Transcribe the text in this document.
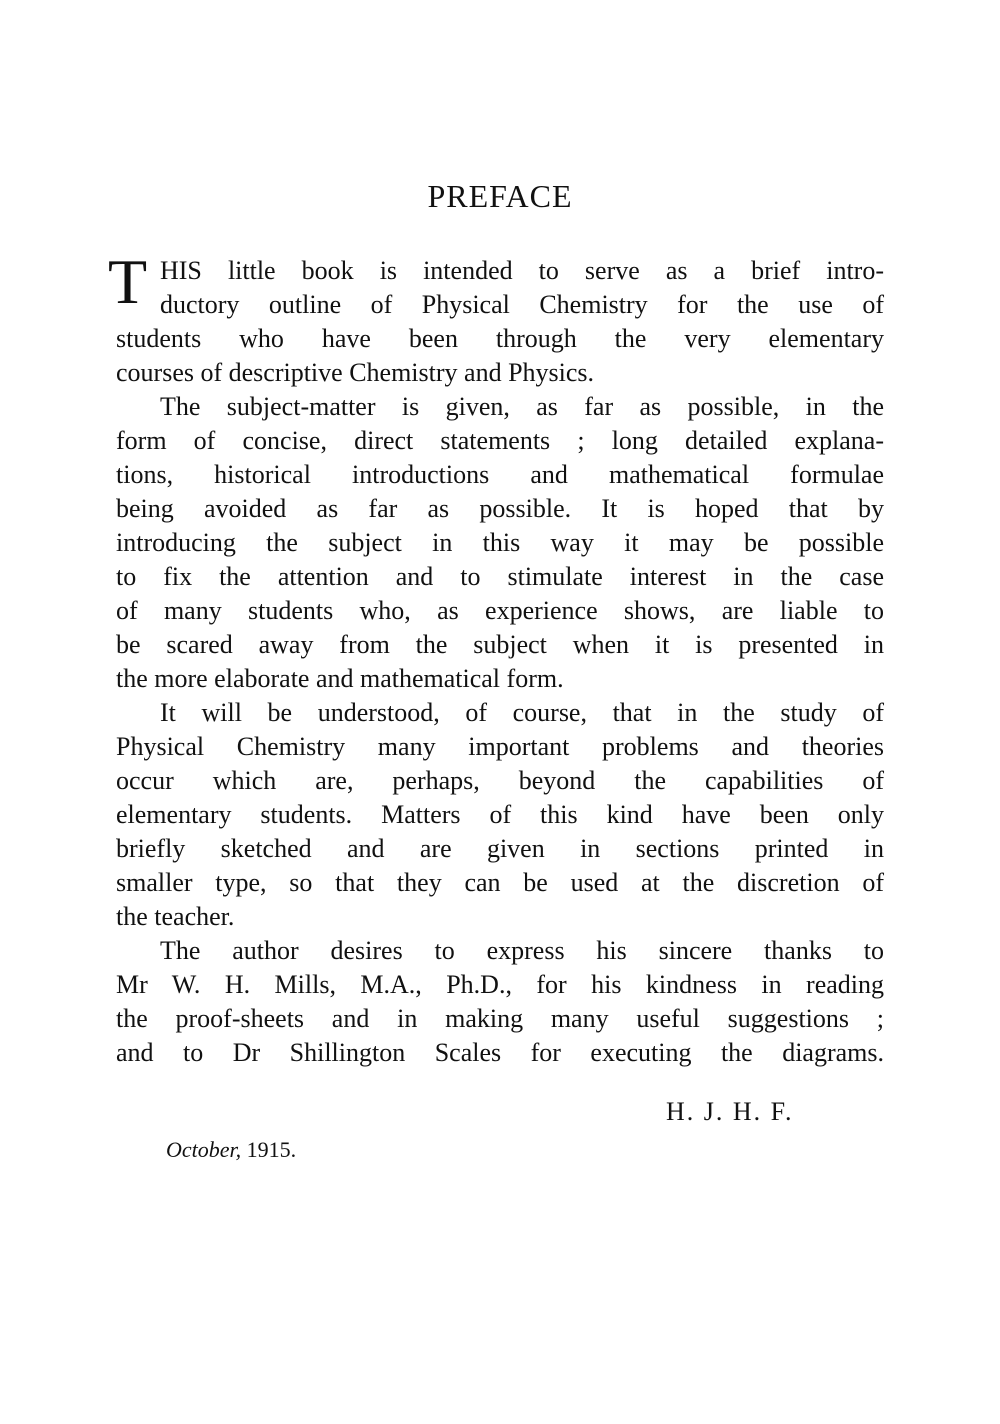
PREFACE
T HIS little book is intended to serve as a brief intro-
ductory outline of Physical Chemistry for the use of
students who have been through the very elementary
courses of descriptive Chemistry and Physics.
The subject-matter is given, as far as possible, in the
form of concise, direct statements ; long detailed explana-
tions, historical introductions and mathematical formulae
being avoided as far as possible. It is hoped that by
introducing the subject in this way it may be possible
to fix the attention and to stimulate interest in the case
of many students who, as experience shows, are liable to
be scared away from the subject when it is presented in
the more elaborate and mathematical form.
It will be understood, of course, that in the study of
Physical Chemistry many important problems and theories
occur which are, perhaps, beyond the capabilities of
elementary students. Matters of this kind have been only
briefly sketched and are given in sections printed in
smaller type, so that they can be used at the discretion of
the teacher.
The author desires to express his sincere thanks to
Mr W. H. Mills, M.A., Ph.D., for his kindness in reading
the proof-sheets and in making many useful suggestions ;
and to Dr Shillington Scales for executing the diagrams.
H. J. H. F.
October, 1915.
